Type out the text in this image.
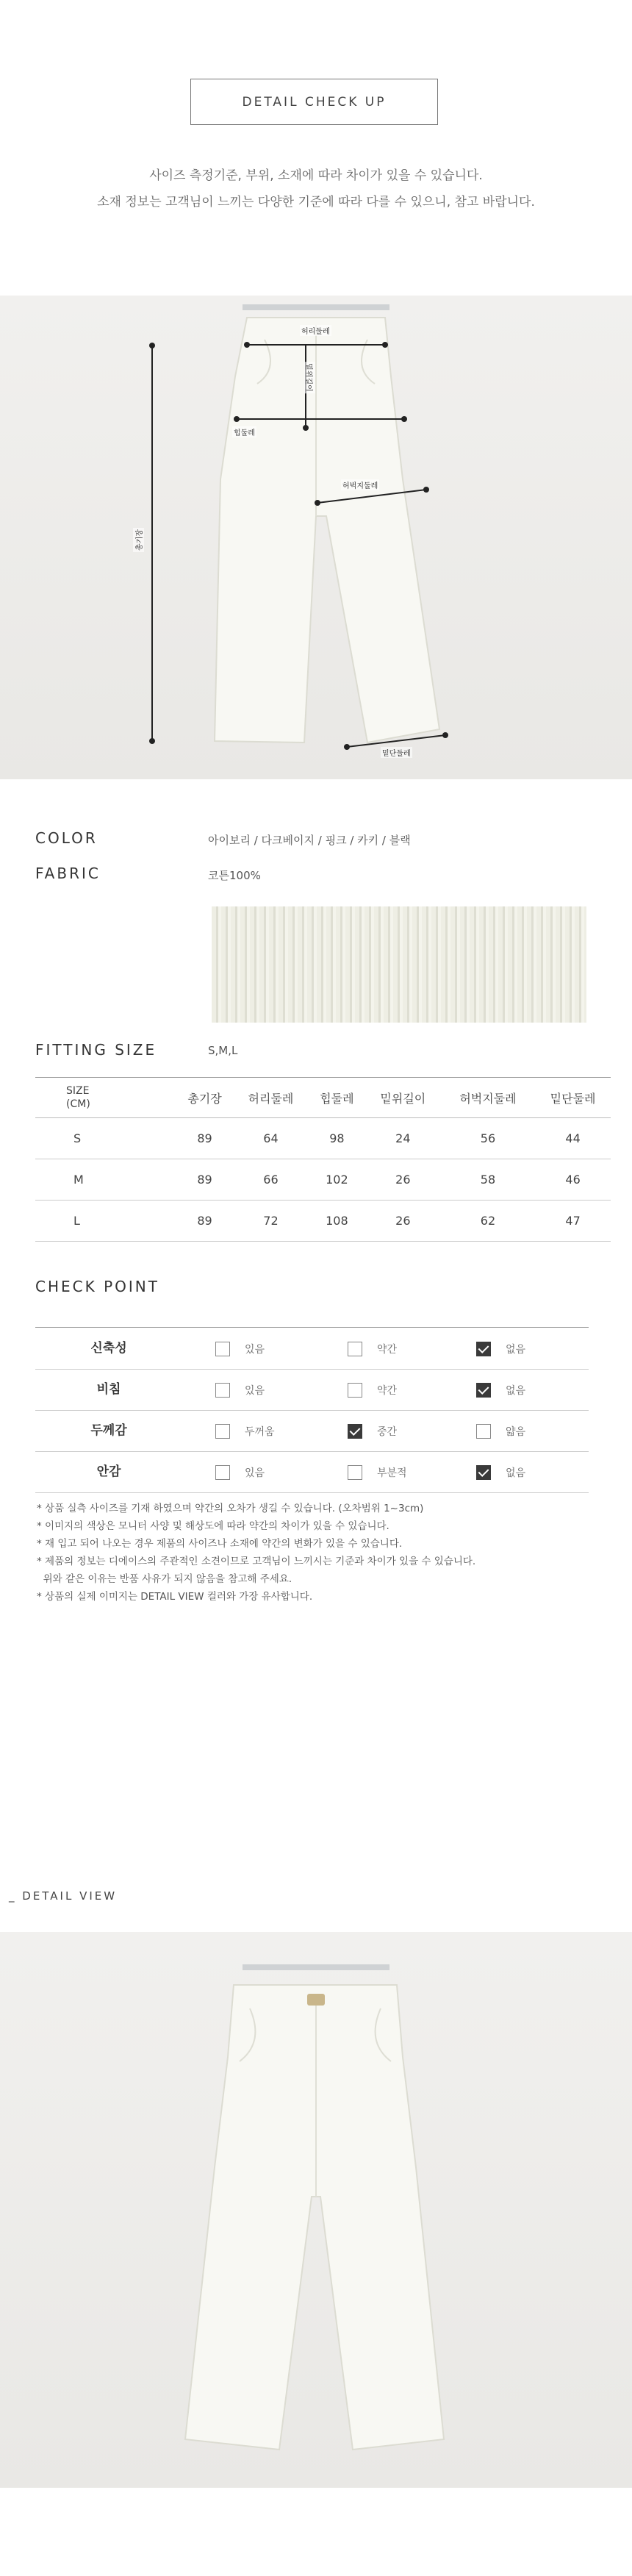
DETAIL CHECK UP
사이즈 측정기준, 부위, 소재에 따라 차이가 있을 수 있습니다.
소재 정보는 고객님이 느끼는 다양한 기준에 따라 다를 수 있으니, 참고 바랍니다.
허리둘레
밑위길이
힙둘레
허벅지둘레
총기장
밑단둘레
COLOR	아이보리 / 다크베이지 / 핑크 / 카키 / 블랙
FABRIC	코튼100%
FITTING SIZE	S,M,L
SIZE
(CM)	총기장	허리둘레	힙둘레	밑위길이	허벅지둘레	밑단둘레
S	89	64	98	24	56	44
M	89	66	102	26	58	46
L	89	72	108	26	62	47
CHECK POINT
신축성	있음	약간	없음
비침	있음	약간	없음
두께감	두꺼움	중간	얇음
안감	있음	부분적	없음
* 상품 실측 사이즈를 기재 하였으며 약간의 오차가 생길 수 있습니다. (오차범위 1~3cm)
* 이미지의 색상은 모니터 사양 및 해상도에 따라 약간의 차이가 있을 수 있습니다.
* 재 입고 되어 나오는 경우 제품의 사이즈나 소재에 약간의 변화가 있을 수 있습니다.
* 제품의 정보는 디에이스의 주관적인 소견이므로 고객님이 느끼시는 기준과 차이가 있을 수 있습니다.
위와 같은 이유는 반품 사유가 되지 않음을 참고해 주세요.
* 상품의 실제 이미지는 DETAIL VIEW 컬러와 가장 유사합니다.
_ DETAIL VIEW
